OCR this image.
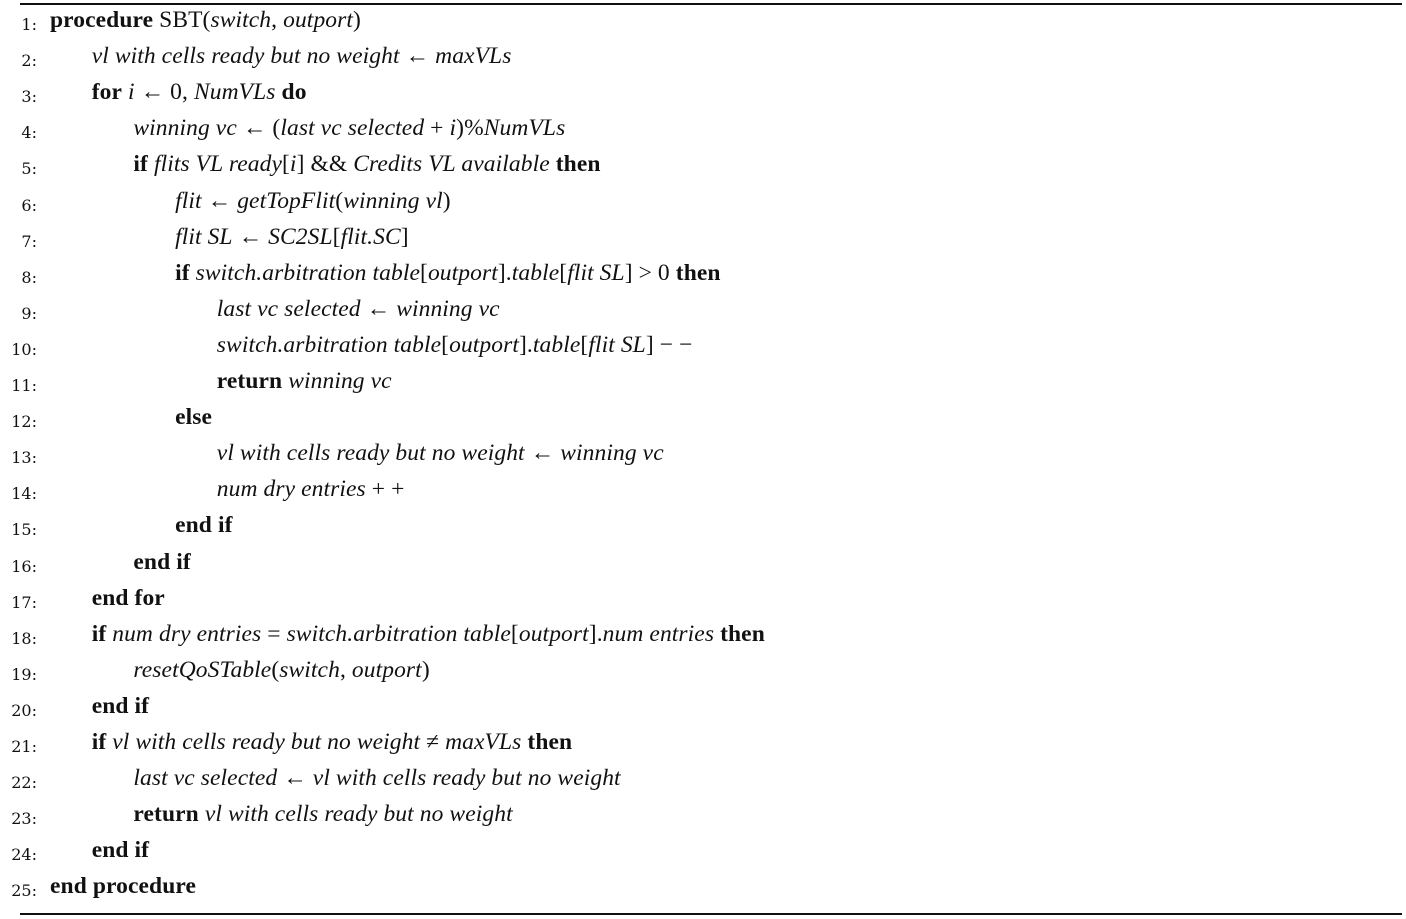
1: procedure SBT(switch, outport)
2: vl with cells ready but no weight ← maxVLs
3: for i ← 0, NumVLs do
4:	winning vc ← (last vc selected + i)%NumVLs
5:	if flits VL ready[i] && Credits VL available then
6:	flit ← getTopFlit(winning vl)
7:	flit SL ← SC2SL[flit.SC]
8:	if switch.arbitration table[outport].table[flit SL] > 0 then
9:	last vc selected ← winning vc
10:	switch.arbitration table[outport].table[flit SL] − −
11:	return winning vc
12:	else
13:	vl with cells ready but no weight ← winning vc
14:	num dry entries + +
15:	end if
16:	end if
17: end for
18: if num dry entries = switch.arbitration table[outport].num entries then
19:	resetQoSTable(switch, outport)
20: end if
21: if vl with cells ready but no weight ≠ maxVLs then
22:	last vc selected ← vl with cells ready but no weight
23:	return vl with cells ready but no weight
24: end if
25: end procedure
